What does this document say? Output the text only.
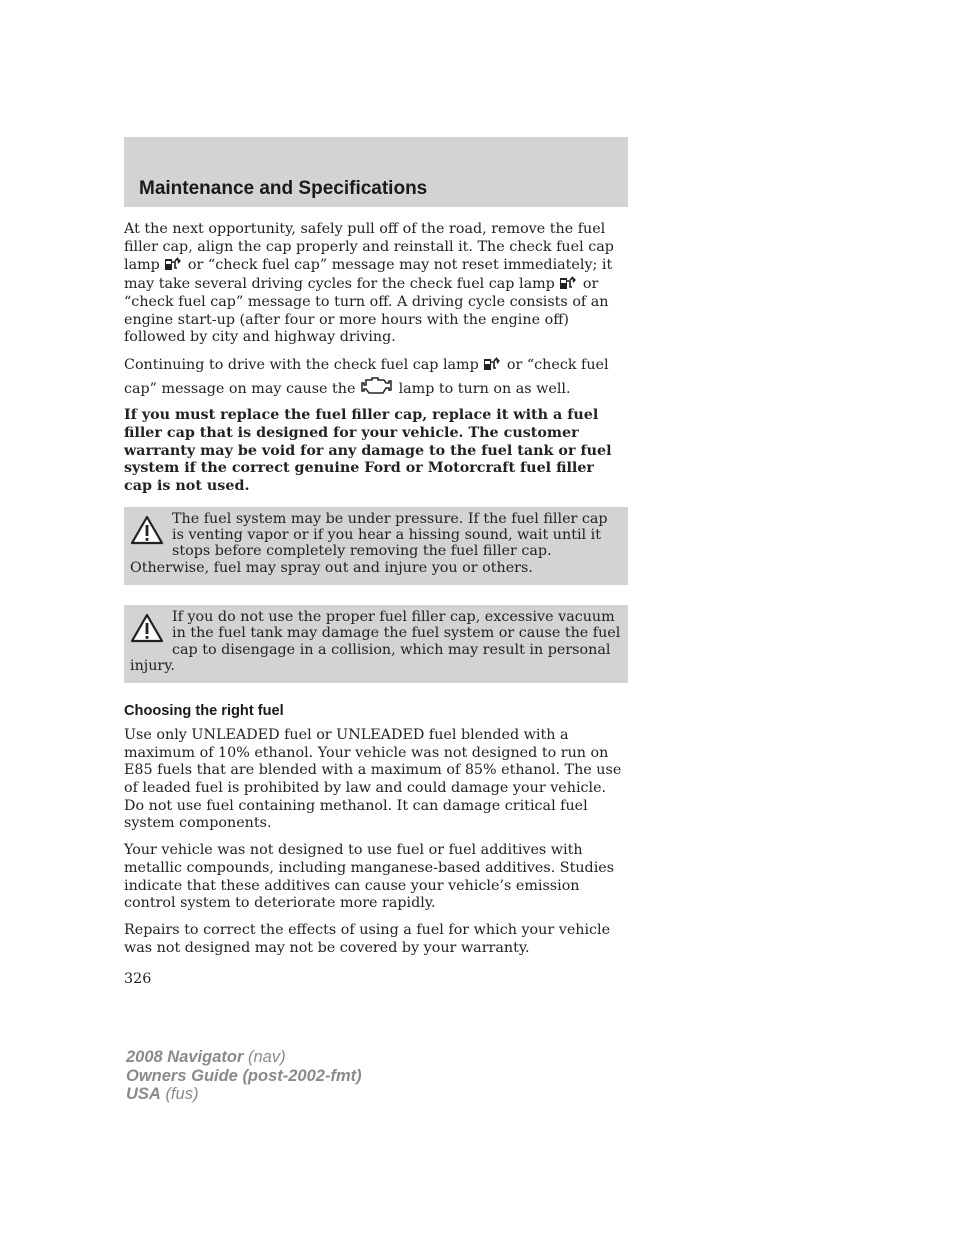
Maintenance and Specifications

At the next opportunity, safely pull off of the road, remove the fuel filler cap, align the cap properly and reinstall it. The check fuel cap lamp or “check fuel cap” message may not reset immediately; it may take several driving cycles for the check fuel cap lamp or “check fuel cap” message to turn off. A driving cycle consists of an engine start-up (after four or more hours with the engine off) followed by city and highway driving.

Continuing to drive with the check fuel cap lamp or “check fuel cap” message on may cause the	lamp to turn on as well.

If you must replace the fuel filler cap, replace it with a fuel filler cap that is designed for your vehicle. The customer warranty may be void for any damage to the fuel tank or fuel system if the correct genuine Ford or Motorcraft fuel filler cap is not used.

The fuel system may be under pressure. If the fuel filler cap is venting vapor or if you hear a hissing sound, wait until it stops before completely removing the fuel filler cap. Otherwise, fuel may spray out and injure you or others.
If you do not use the proper fuel filler cap, excessive vacuum in the fuel tank may damage the fuel system or cause the fuel cap to disengage in a collision, which may result in personal injury.
Choosing the right fuel

Use only UNLEADED fuel or UNLEADED fuel blended with a maximum of 10% ethanol. Your vehicle was not designed to run on E85 fuels that are blended with a maximum of 85% ethanol. The use of leaded fuel is prohibited by law and could damage your vehicle. Do not use fuel containing methanol. It can damage critical fuel system components.

Your vehicle was not designed to use fuel or fuel additives with metallic compounds, including manganese-based additives. Studies indicate that these additives can cause your vehicle’s emission control system to deteriorate more rapidly.

Repairs to correct the effects of using a fuel for which your vehicle was not designed may not be covered by your warranty.

326
2008 Navigator (nav)
Owners Guide (post-2002-fmt)
USA (fus)
